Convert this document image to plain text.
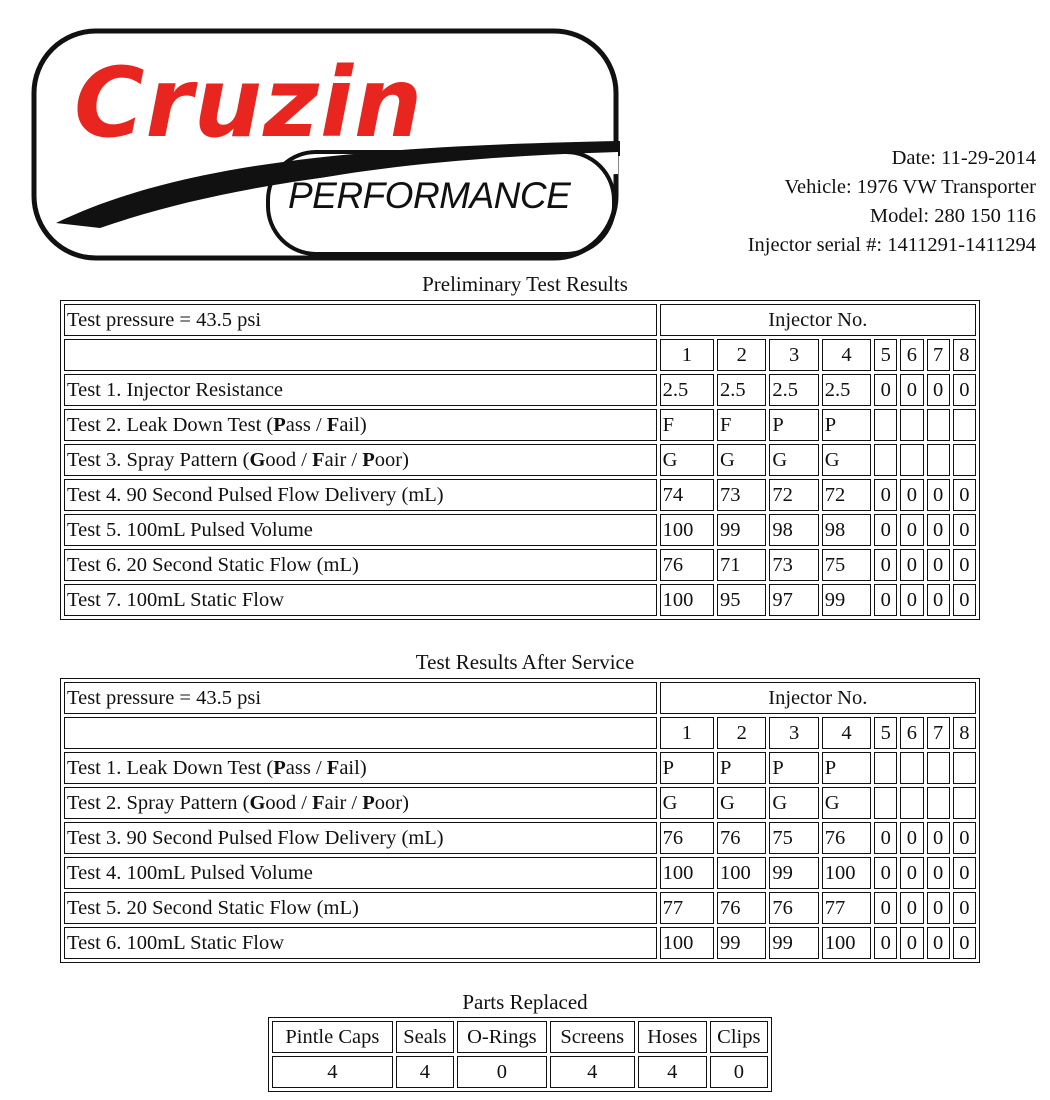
Cruzin
PERFORMANCE
Date: 11-29-2014
Vehicle: 1976 VW Transporter
Model: 280 150 116
Injector serial #: 1411291-1411294
Preliminary Test Results
Test pressure = 43.5 psi	Injector No.							
	1	2	3	4	5	6	7	8
Test 1. Injector Resistance	2.5	2.5	2.5	2.5	0	0	0	0
Test 2. Leak Down Test (Pass / Fail)	F	F	P	P				
Test 3. Spray Pattern (Good / Fair / Poor)	G	G	G	G				
Test 4. 90 Second Pulsed Flow Delivery (mL)	74	73	72	72	0	0	0	0
Test 5. 100mL Pulsed Volume	100	99	98	98	0	0	0	0
Test 6. 20 Second Static Flow (mL)	76	71	73	75	0	0	0	0
Test 7. 100mL Static Flow	100	95	97	99	0	0	0	0
Test Results After Service
Test pressure = 43.5 psi	Injector No.							
	1	2	3	4	5	6	7	8
Test 1. Leak Down Test (Pass / Fail)	P	P	P	P				
Test 2. Spray Pattern (Good / Fair / Poor)	G	G	G	G				
Test 3. 90 Second Pulsed Flow Delivery (mL)	76	76	75	76	0	0	0	0
Test 4. 100mL Pulsed Volume	100	100	99	100	0	0	0	0
Test 5. 20 Second Static Flow (mL)	77	76	76	77	0	0	0	0
Test 6. 100mL Static Flow	100	99	99	100	0	0	0	0
Parts Replaced
Pintle Caps	Seals	O-Rings	Screens	Hoses	Clips
4	4	0	4	4	0
